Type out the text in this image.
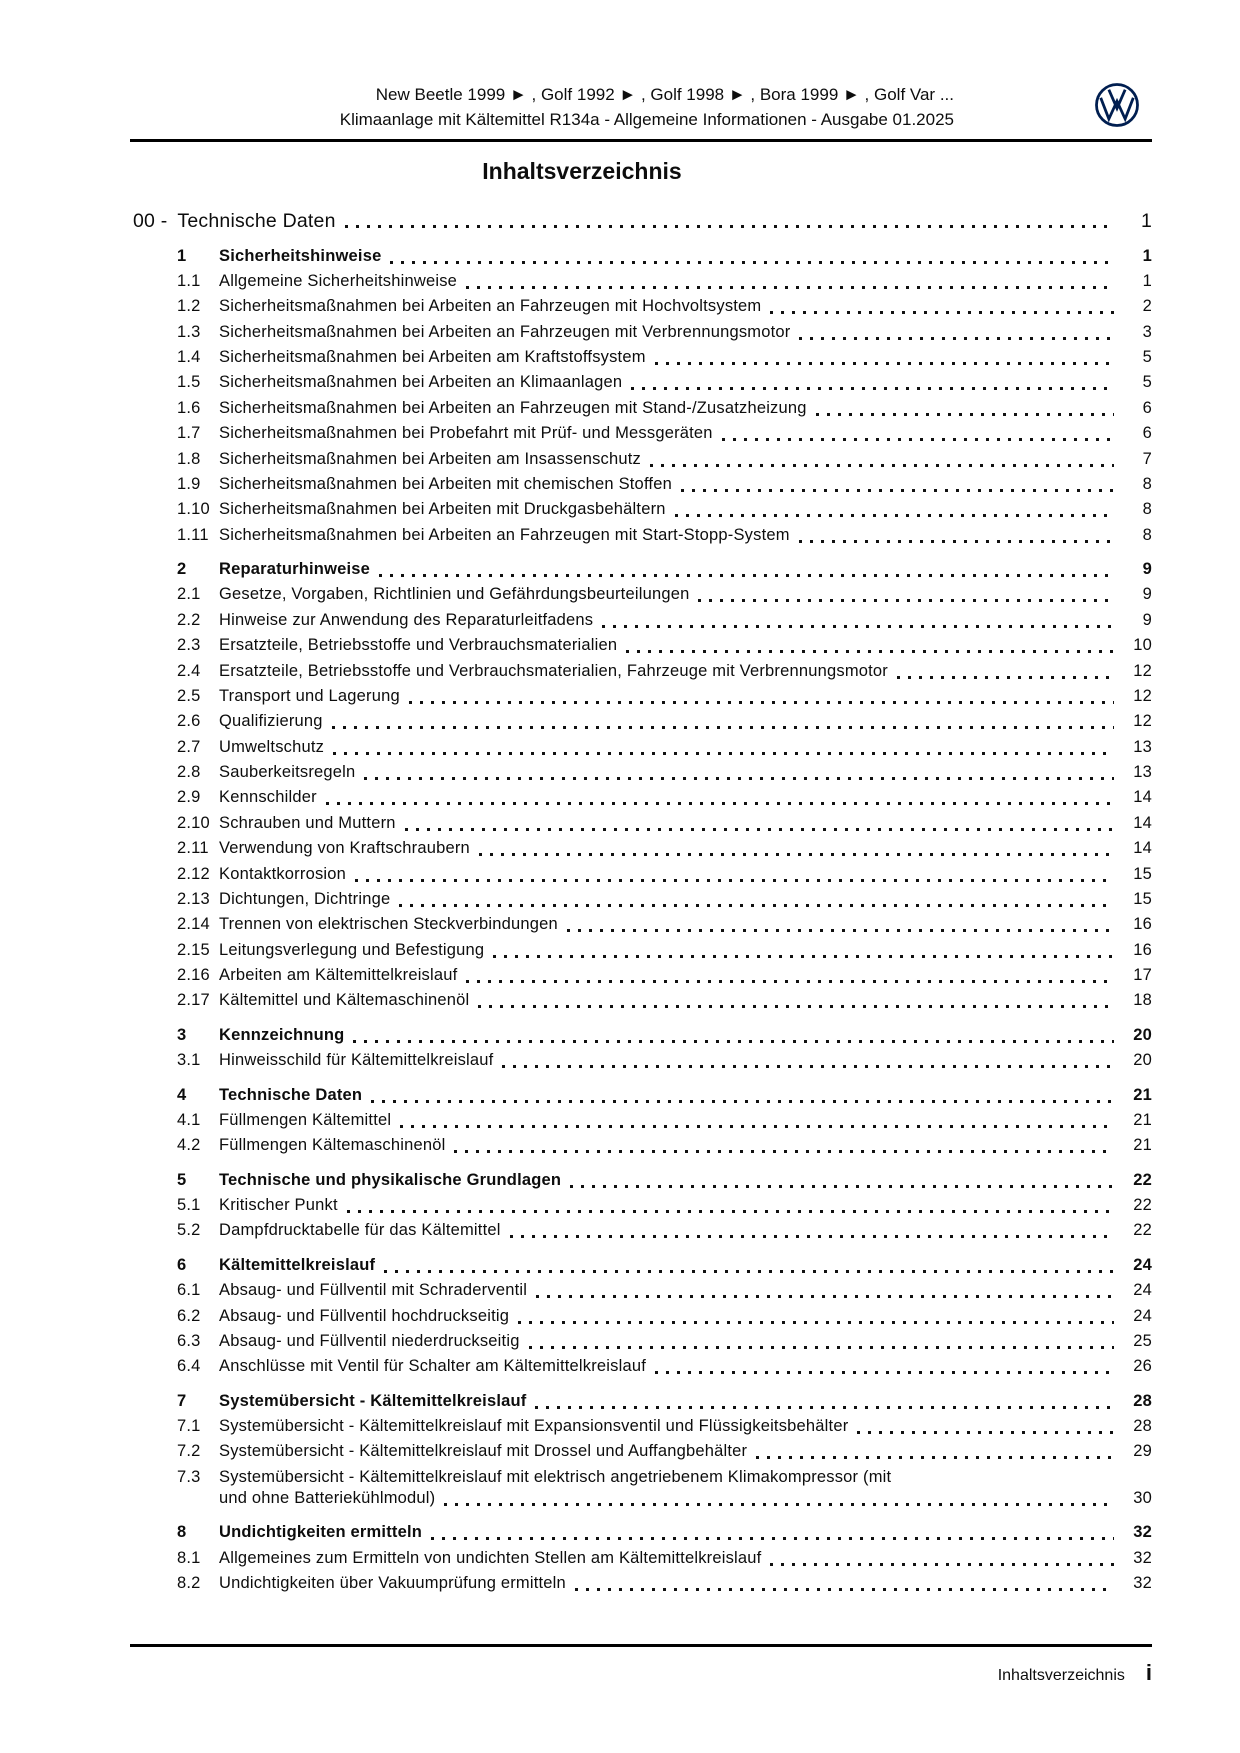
New Beetle 1999 ► , Golf 1992 ► , Golf 1998 ► , Bora 1999 ► , Golf Var ...
Klimaanlage mit Kältemittel R134a - Allgemeine Informationen - Ausgabe 01.2025
Inhaltsverzeichnis
00 - Technische Daten	1
1	Sicherheitshinweise	1
1.1	Allgemeine Sicherheitshinweise	1
1.2	Sicherheitsmaßnahmen bei Arbeiten an Fahrzeugen mit Hochvoltsystem	2
1.3	Sicherheitsmaßnahmen bei Arbeiten an Fahrzeugen mit Verbrennungsmotor	3
1.4	Sicherheitsmaßnahmen bei Arbeiten am Kraftstoffsystem	5
1.5	Sicherheitsmaßnahmen bei Arbeiten an Klimaanlagen	5
1.6	Sicherheitsmaßnahmen bei Arbeiten an Fahrzeugen mit Stand-/Zusatzheizung	6
1.7	Sicherheitsmaßnahmen bei Probefahrt mit Prüf- und Messgeräten	6
1.8	Sicherheitsmaßnahmen bei Arbeiten am Insassenschutz	7
1.9	Sicherheitsmaßnahmen bei Arbeiten mit chemischen Stoffen	8
1.10 Sicherheitsmaßnahmen bei Arbeiten mit Druckgasbehältern	8
1.11 Sicherheitsmaßnahmen bei Arbeiten an Fahrzeugen mit Start-Stopp-System	8
2	Reparaturhinweise	9
2.1	Gesetze, Vorgaben, Richtlinien und Gefährdungsbeurteilungen	9
2.2	Hinweise zur Anwendung des Reparaturleitfadens	9
2.3	Ersatzteile, Betriebsstoffe und Verbrauchsmaterialien	10
2.4	Ersatzteile, Betriebsstoffe und Verbrauchsmaterialien, Fahrzeuge mit Verbrennungsmotor	12
2.5	Transport und Lagerung	12
2.6	Qualifizierung	12
2.7	Umweltschutz	13
2.8	Sauberkeitsregeln	13
2.9	Kennschilder	14
2.10 Schrauben und Muttern	14
2.11 Verwendung von Kraftschraubern	14
2.12 Kontaktkorrosion	15
2.13 Dichtungen, Dichtringe	15
2.14 Trennen von elektrischen Steckverbindungen	16
2.15 Leitungsverlegung und Befestigung	16
2.16 Arbeiten am Kältemittelkreislauf	17
2.17 Kältemittel und Kältemaschinenöl	18
3	Kennzeichnung	20
3.1	Hinweisschild für Kältemittelkreislauf	20
4	Technische Daten	21
4.1	Füllmengen Kältemittel	21
4.2	Füllmengen Kältemaschinenöl	21
5	Technische und physikalische Grundlagen	22
5.1	Kritischer Punkt	22
5.2	Dampfdrucktabelle für das Kältemittel	22
6	Kältemittelkreislauf	24
6.1	Absaug- und Füllventil mit Schraderventil	24
6.2	Absaug- und Füllventil hochdruckseitig	24
6.3	Absaug- und Füllventil niederdruckseitig	25
6.4	Anschlüsse mit Ventil für Schalter am Kältemittelkreislauf	26
7	Systemübersicht - Kältemittelkreislauf	28
7.1	Systemübersicht - Kältemittelkreislauf mit Expansionsventil und Flüssigkeitsbehälter	28
7.2	Systemübersicht - Kältemittelkreislauf mit Drossel und Auffangbehälter	29
7.3	Systemübersicht - Kältemittelkreislauf mit elektrisch angetriebenem Klimakompressor (mit
und ohne Batteriekühlmodul)	30
8	Undichtigkeiten ermitteln	32
8.1	Allgemeines zum Ermitteln von undichten Stellen am Kältemittelkreislauf	32
8.2	Undichtigkeiten über Vakuumprüfung ermitteln	32
Inhaltsverzeichnis i
